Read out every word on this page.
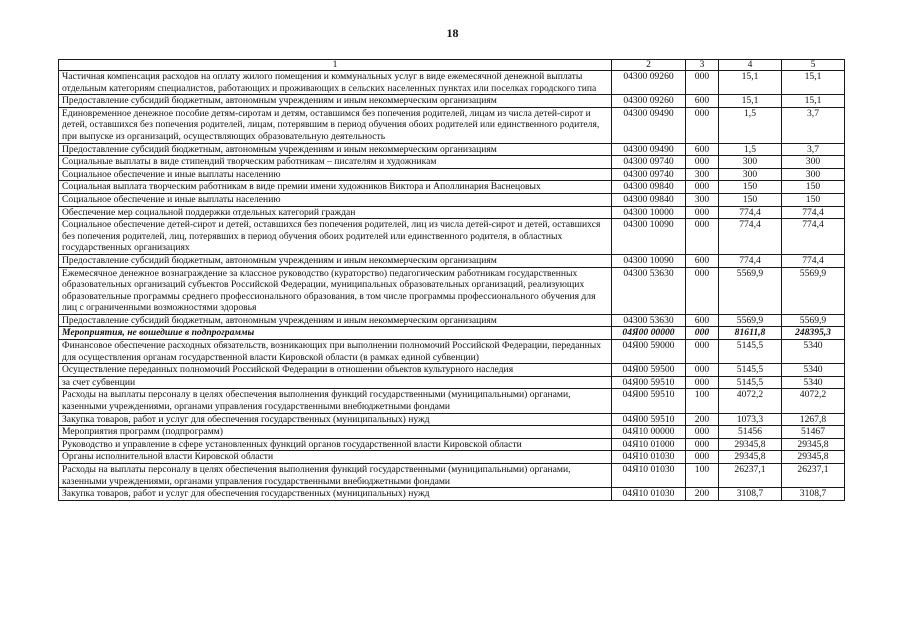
18
1	2	3	4	5
Частичная компенсация расходов на оплату жилого помещения и коммунальных услуг в виде ежемесячной денежной выплаты отдельным категориям специалистов, работающих и проживающих в сельских населенных пунктах или поселках городского типа	04300 09260	000	15,1	15,1
Предоставление субсидий бюджетным, автономным учреждениям и иным некоммерческим организациям	04300 09260	600	15,1	15,1
Единовременное денежное пособие детям-сиротам и детям, оставшимся без попечения родителей, лицам из числа детей-сирот и детей, оставшихся без попечения родителей, лицам, потерявшим в период обучения обоих родителей или единственного родителя, при выпуске из организаций, осуществляющих образовательную деятельность	04300 09490	000	1,5	3,7
Предоставление субсидий бюджетным, автономным учреждениям и иным некоммерческим организациям	04300 09490	600	1,5	3,7
Социальные выплаты в виде стипендий творческим работникам – писателям и художникам	04300 09740	000	300	300
Социальное обеспечение и иные выплаты населению	04300 09740	300	300	300
Социальная выплата творческим работникам в виде премии имени художников Виктора и Аполлинария Васнецовых	04300 09840	000	150	150
Социальное обеспечение и иные выплаты населению	04300 09840	300	150	150
Обеспечение мер социальной поддержки отдельных категорий граждан	04300 10000	000	774,4	774,4
Социальное обеспечение детей-сирот и детей, оставшихся без попечения родителей, лиц из числа детей-сирот и детей, оставшихся без попечения родителей, лиц, потерявших в период обучения обоих родителей или единственного родителя, в областных государственных организациях	04300 10090	000	774,4	774,4
Предоставление субсидий бюджетным, автономным учреждениям и иным некоммерческим организациям	04300 10090	600	774,4	774,4
Ежемесячное денежное вознаграждение за классное руководство (кураторство) педагогическим работникам государственных образовательных организаций субъектов Российской Федерации, муниципальных образовательных организаций, реализующих образовательные программы среднего профессионального образования, в том числе программы профессионального обучения для лиц с ограниченными возможностями здоровья	04300 53630	000	5569,9	5569,9
Предоставление субсидий бюджетным, автономным учреждениям и иным некоммерческим организациям	04300 53630	600	5569,9	5569,9
Мероприятия, не вошедшие в подпрограммы	04Я00 00000	000	81611,8	248395,3
Финансовое обеспечение расходных обязательств, возникающих при выполнении полномочий Российской Федерации, переданных для осуществления органам государственной власти Кировской области (в рамках единой субвенции)	04Я00 59000	000	5145,5	5340
Осуществление переданных полномочий Российской Федерации в отношении объектов культурного наследия	04Я00 59500	000	5145,5	5340
за счет субвенции	04Я00 59510	000	5145,5	5340
Расходы на выплаты персоналу в целях обеспечения выполнения функций государственными (муниципальными) органами, казенными учреждениями, органами управления государственными внебюджетными фондами	04Я00 59510	100	4072,2	4072,2
Закупка товаров, работ и услуг для обеспечения государственных (муниципальных) нужд	04Я00 59510	200	1073,3	1267,8
Мероприятия программ (подпрограмм)	04Я10 00000	000	51456	51467
Руководство и управление в сфере установленных функций органов государственной власти Кировской области	04Я10 01000	000	29345,8	29345,8
Органы исполнительной власти Кировской области	04Я10 01030	000	29345,8	29345,8
Расходы на выплаты персоналу в целях обеспечения выполнения функций государственными (муниципальными) органами, казенными учреждениями, органами управления государственными внебюджетными фондами	04Я10 01030	100	26237,1	26237,1
Закупка товаров, работ и услуг для обеспечения государственных (муниципальных) нужд	04Я10 01030	200	3108,7	3108,7
